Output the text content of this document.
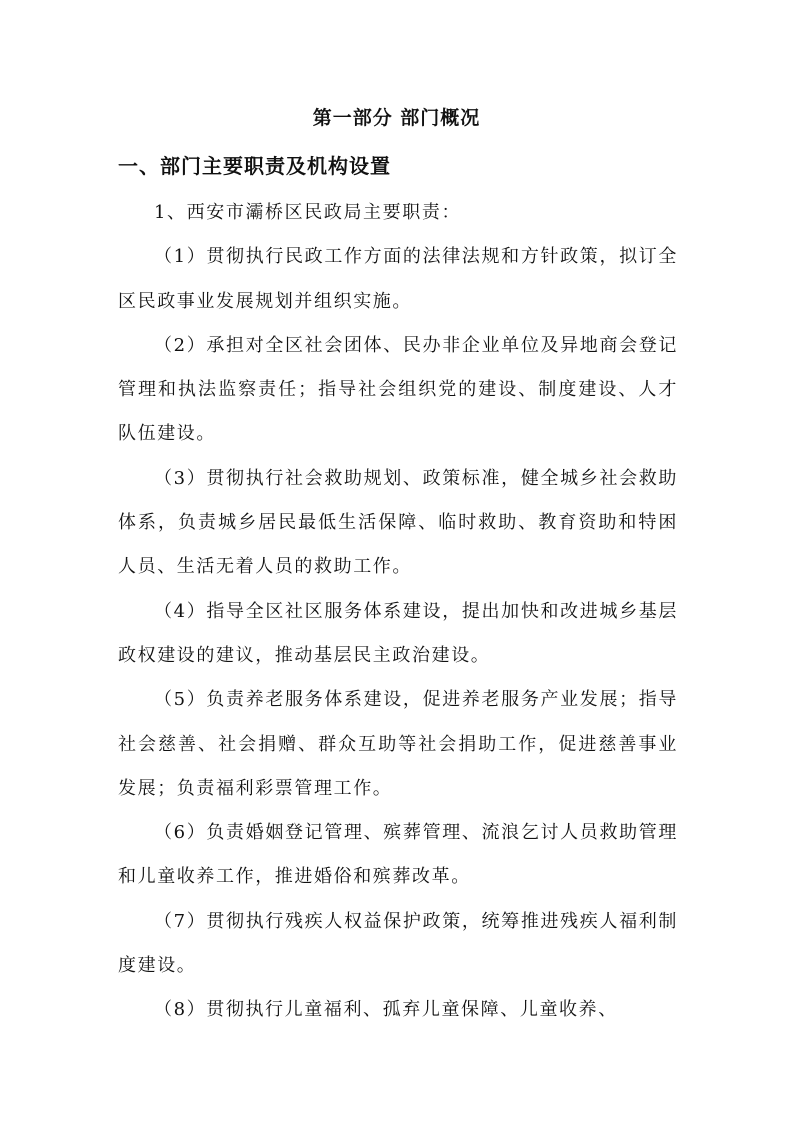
第一部分 部门概况
一、部门主要职责及机构设置

1、西安市灞桥区民政局主要职责：

（1）贯彻执行民政工作方面的法律法规和方针政策，拟订全区民政事业发展规划并组织实施。

（2）承担对全区社会团体、民办非企业单位及异地商会登记管理和执法监察责任；指导社会组织党的建设、制度建设、人才队伍建设。

（3）贯彻执行社会救助规划、政策标准，健全城乡社会救助体系，负责城乡居民最低生活保障、临时救助、教育资助和特困人员、生活无着人员的救助工作。

（4）指导全区社区服务体系建设，提出加快和改进城乡基层政权建设的建议，推动基层民主政治建设。

（5）负责养老服务体系建设，促进养老服务产业发展；指导社会慈善、社会捐赠、群众互助等社会捐助工作，促进慈善事业发展；负责福利彩票管理工作。

（6）负责婚姻登记管理、殡葬管理、流浪乞讨人员救助管理和儿童收养工作，推进婚俗和殡葬改革。

（7）贯彻执行残疾人权益保护政策，统筹推进残疾人福利制度建设。

（8）贯彻执行儿童福利、孤弃儿童保障、儿童收养、
